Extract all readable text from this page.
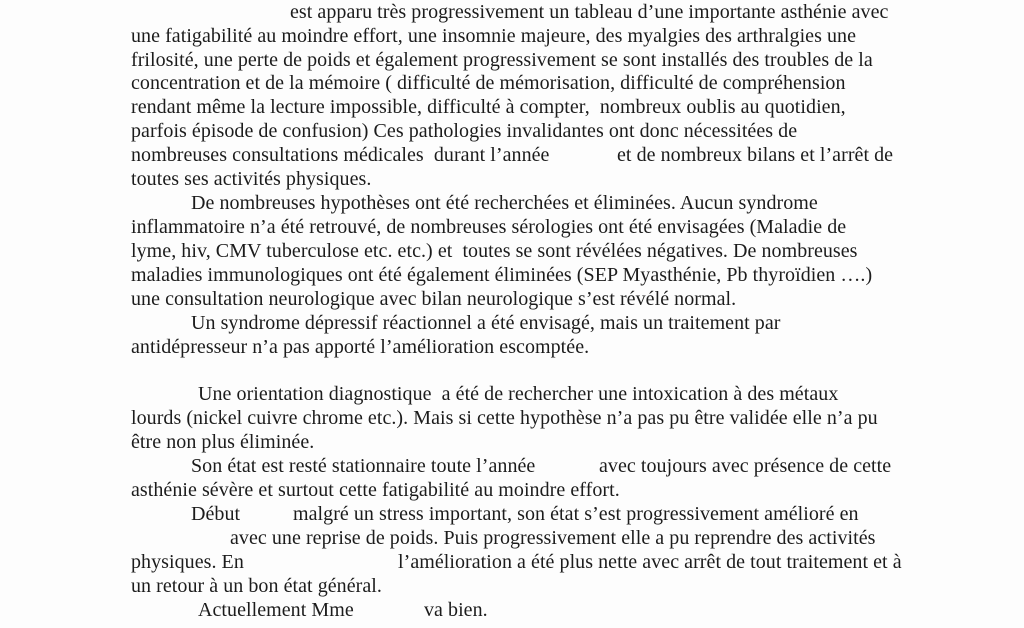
est apparu très progressivement un tableau d’une importante asthénie avec

une fatigabilité au moindre effort, une insomnie majeure, des myalgies des arthralgies une

frilosité, une perte de poids et également progressivement se sont installés des troubles de la

concentration et de la mémoire ( difficulté de mémorisation, difficulté de compréhension

rendant même la lecture impossible, difficulté à compter,  nombreux oublis au quotidien,

parfois épisode de confusion) Ces pathologies invalidantes ont donc nécessitées de

nombreuses consultations médicales  durant l’année	et de nombreux bilans et l’arrêt de

toutes ses activités physiques.

De nombreuses hypothèses ont été recherchées et éliminées. Aucun syndrome

inflammatoire n’a été retrouvé, de nombreuses sérologies ont été envisagées (Maladie de

lyme, hiv, CMV tuberculose etc. etc.) et  toutes se sont révélées négatives. De nombreuses

maladies immunologiques ont été également éliminées (SEP Myasthénie, Pb thyroïdien ….)

une consultation neurologique avec bilan neurologique s’est révélé normal.

Un syndrome dépressif réactionnel a été envisagé, mais un traitement par

antidépresseur n’a pas apporté l’amélioration escomptée.

Une orientation diagnostique  a été de rechercher une intoxication à des métaux

lourds (nickel cuivre chrome etc.). Mais si cette hypothèse n’a pas pu être validée elle n’a pu

être non plus éliminée.

Son état est resté stationnaire toute l’année	avec toujours avec présence de cette

asthénie sévère et surtout cette fatigabilité au moindre effort.

Début	malgré un stress important, son état s’est progressivement amélioré en

avec une reprise de poids. Puis progressivement elle a pu reprendre des activités

physiques. En	l’amélioration a été plus nette avec arrêt de tout traitement et à

un retour à un bon état général.

Actuellement Mme	va bien.
